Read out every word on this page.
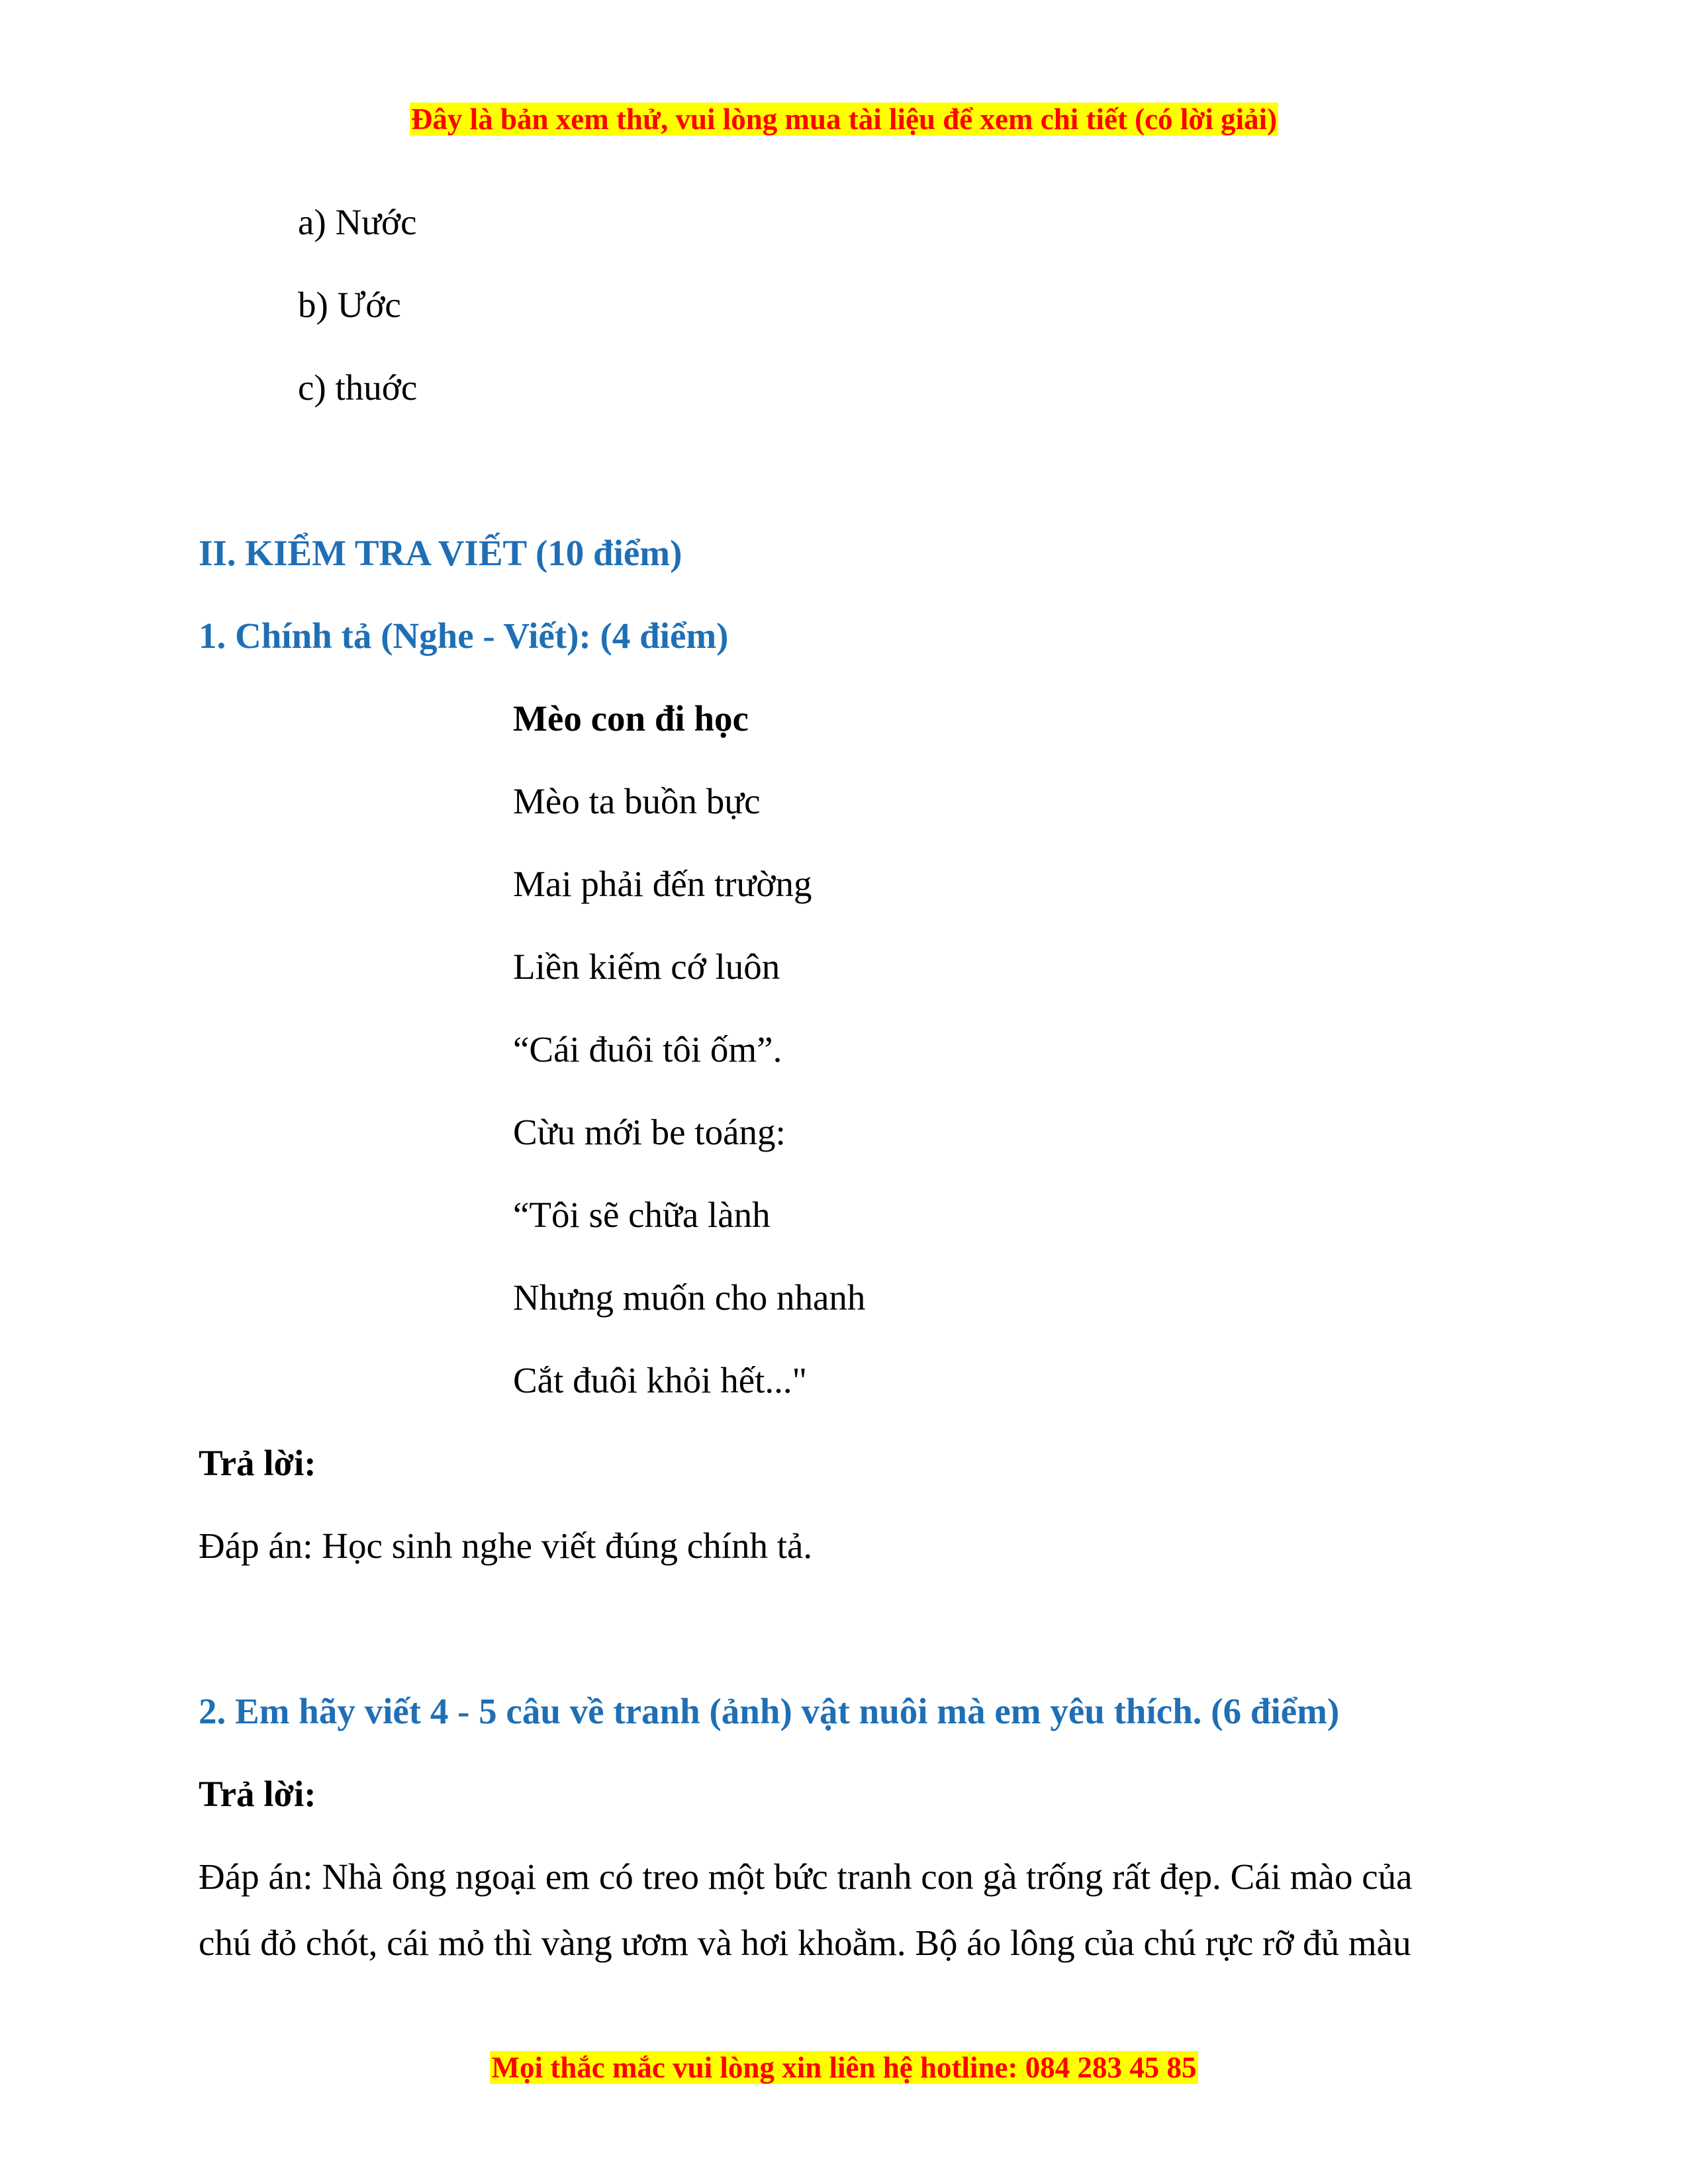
Đây là bản xem thử, vui lòng mua tài liệu để xem chi tiết (có lời giải)
a) Nước
b) Ước
c) thuớc
II. KIỂM TRA VIẾT (10 điểm)
1. Chính tả (Nghe - Viết): (4 điểm)
Mèo con đi học
Mèo ta buồn bực
Mai phải đến trường
Liền kiếm cớ luôn
“Cái đuôi tôi ốm”.
Cừu mới be toáng:
“Tôi sẽ chữa lành
Nhưng muốn cho nhanh
Cắt đuôi khỏi hết..."
Trả lời:
Đáp án: Học sinh nghe viết đúng chính tả.
2. Em hãy viết 4 - 5 câu về tranh (ảnh) vật nuôi mà em yêu thích. (6 điểm)
Trả lời:
Đáp án: Nhà ông ngoại em có treo một bức tranh con gà trống rất đẹp. Cái mào của
chú đỏ chót, cái mỏ thì vàng ươm và hơi khoằm. Bộ áo lông của chú rực rỡ đủ màu
Mọi thắc mắc vui lòng xin liên hệ hotline: 084 283 45 85
